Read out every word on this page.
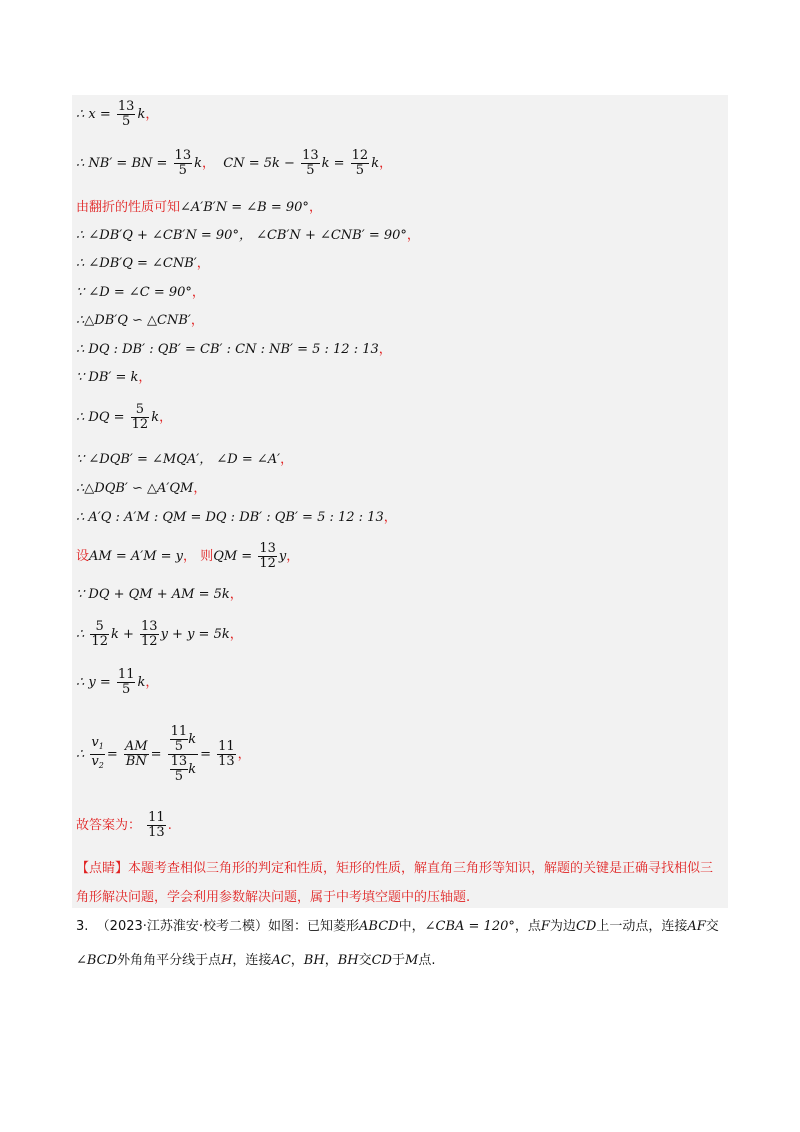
∴ $x = \frac{13}{5}$ k，
∴ NB′ = BN = $\frac{13}{5}$ k， CN = $5k - \frac{13}{5}$ $k = \frac{12}{5}$ k，
由翻折的性质可知∠A′B′N = ∠B = 90°，
∴ ∠DB′Q + ∠CB′N = 90°， ∠CB′N + ∠CNB′ = 90°，
∴ ∠DB′Q = ∠CNB′，
∵ ∠D = ∠C = 90°，
∴△DB′Q ∽ △CNB′，
∴ DQ : DB′ : QB′ = CB′ : CN : NB′ = 5 : 12 : 13，
∵ DB′ = k，
∴ DQ = $\frac{5}{12}$ k，
∵ ∠DQB′ = ∠MQA′， ∠D = ∠A′，
∴△DQB′ ∽ △A′QM，
∴ A′Q : A′M : QM = DQ : DB′ : QB′ = 5 : 12 : 13，
设AM = A′M = y， 则QM = $\frac{13}{12}$ y，
∵ DQ + QM + AM = 5k，
∴ $\frac{5}{12}$ $k + \frac{13}{12}$ y + y = 5k，
∴ $y = \frac{11}{5}$ k，
∴ $\frac{v_1}{v_2} = \frac{AM}{BN} = \frac{\frac{11}{5} k}{\frac{13}{5} k} = \frac{11}{13}$ ，
故答案为： $\frac{11}{13}$ .
【点睛】本题考查相似三角形的判定和性质，矩形的性质，解直角三角形等知识，解题的关键是正确寻找相似三角形解决问题，学会利用参数解决问题，属于中考填空题中的压轴题.
3. （2023·江苏淮安·校考二模）如图：已知菱形ABCD中，∠CBA = 120°，点F为边CD上一动点，连接AF交∠BCD外角角平分线于点H，连接AC，BH，BH交CD于M点.
